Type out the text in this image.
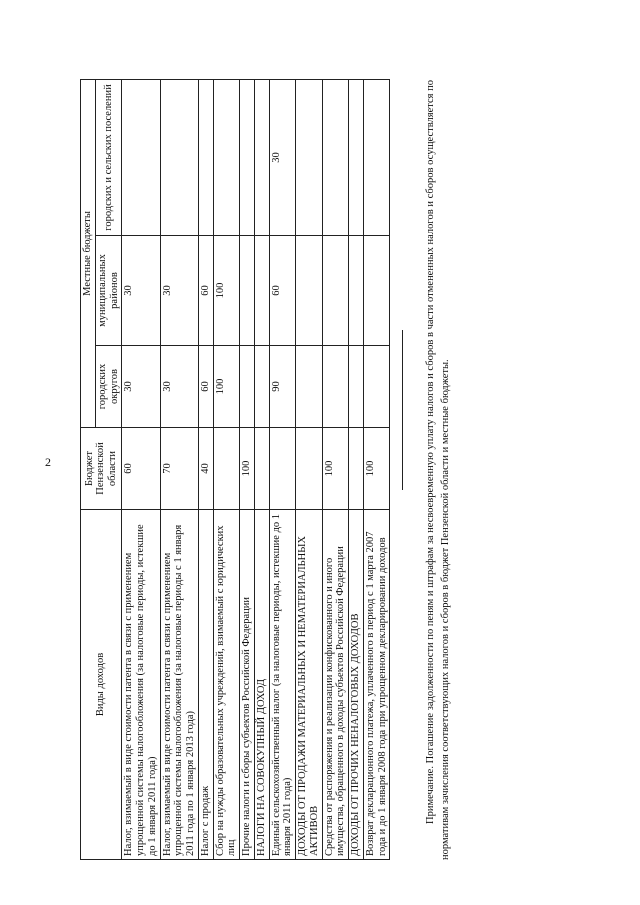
2
Виды доходов	Бюджет Пензенской области	Местные бюджеты		
		городских округов	муниципальных районов	городских и сельских поселений
Налог, взимаемый в виде стоимости патента в связи с применением упрощенной системы налогообложения (за налоговые периоды, истекшие до 1 января 2011 года)	60	30	30	
Налог, взимаемый в виде стоимости патента в связи с применением упрощенной системы налогообложения (за налоговые периоды с 1 января 2011 года по 1 января 2013 года)	70	30	30	
Налог с продаж	40	60	60	
Сбор на нужды образовательных учреждений, взимаемый с юридических лиц		100	100	
Прочие налоги и сборы субъектов Российской Федерации	100			
НАЛОГИ НА СОВОКУПНЫЙ ДОХОД				
Единый сельскохозяйственный налог (за налоговые периоды, истекшие до 1 января 2011 года)		90	60	30
ДОХОДЫ ОТ ПРОДАЖИ МАТЕРИАЛЬНЫХ И НЕМАТЕРИАЛЬНЫХ АКТИВОВ				
Средства от распоряжения и реализации конфискованного и иного имущества, обращенного в доходы субъектов Российской Федерации	100			
ДОХОДЫ ОТ ПРОЧИХ НЕНАЛОГОВЫХ ДОХОДОВ				
Возврат декларационного платежа, уплаченного в период с 1 марта 2007 года и до 1 января 2008 года при упрощенном декларировании доходов	100				Примечание. Погашение задолженности по пеням и штрафам за несвоевременную уплату налогов и сборов в части отмененных налогов и сборов осуществляется по нормативам зачисления соответствующих налогов и сборов в бюджет Пензенской области и местные бюджеты.
